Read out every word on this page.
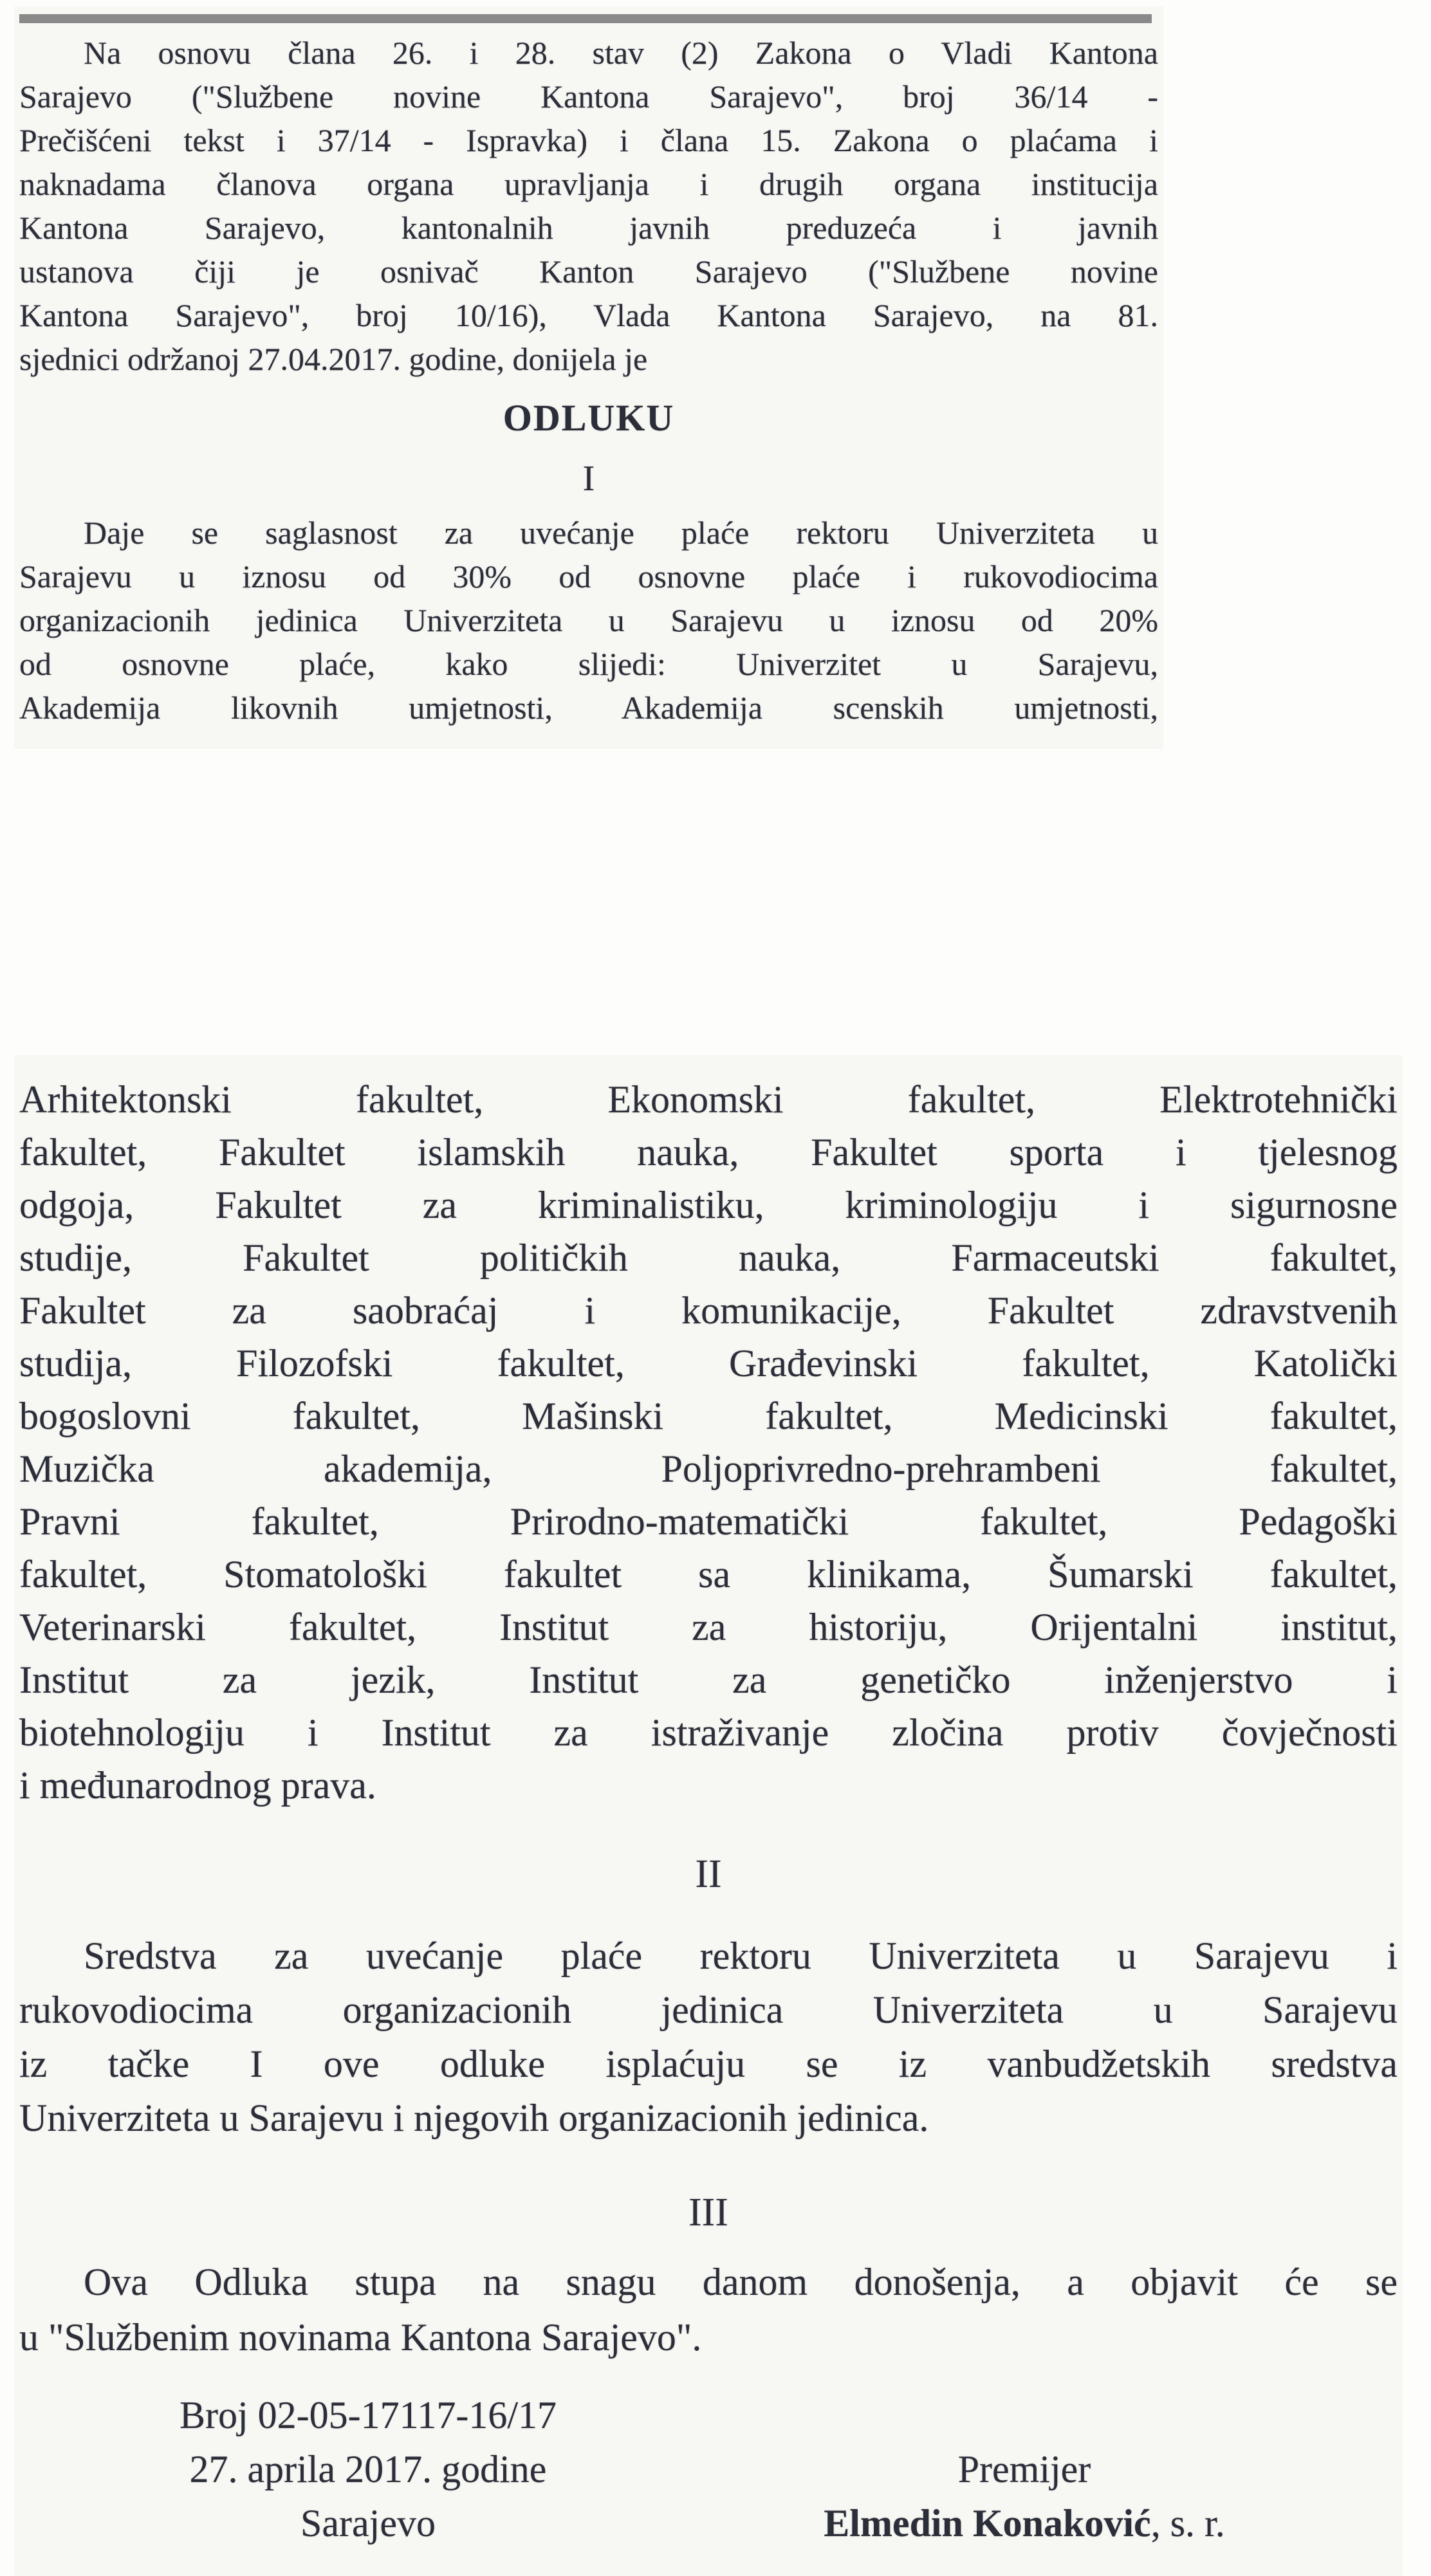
Na osnovu člana 26. i 28. stav (2) Zakona o Vladi Kantona
Sarajevo ("Službene novine Kantona Sarajevo", broj 36/14 -
Prečišćeni tekst i 37/14 - Ispravka) i člana 15. Zakona o plaćama i
naknadama članova organa upravljanja i drugih organa institucija
Kantona Sarajevo, kantonalnih javnih preduzeća i javnih
ustanova čiji je osnivač Kanton Sarajevo ("Službene novine
Kantona Sarajevo", broj 10/16), Vlada Kantona Sarajevo, na 81.
sjednici održanoj 27.04.2017. godine, donijela je
ODLUKU
I
Daje se saglasnost za uvećanje plaće rektoru Univerziteta u
Sarajevu u iznosu od 30% od osnovne plaće i rukovodiocima
organizacionih jedinica Univerziteta u Sarajevu u iznosu od 20%
od osnovne plaće, kako slijedi: Univerzitet u Sarajevu,
Akademija likovnih umjetnosti, Akademija scenskih umjetnosti,
Arhitektonski fakultet, Ekonomski fakultet, Elektrotehnički
fakultet, Fakultet islamskih nauka, Fakultet sporta i tjelesnog
odgoja, Fakultet za kriminalistiku, kriminologiju i sigurnosne
studije, Fakultet političkih nauka, Farmaceutski fakultet,
Fakultet za saobraćaj i komunikacije, Fakultet zdravstvenih
studija, Filozofski fakultet, Građevinski fakultet, Katolički
bogoslovni fakultet, Mašinski fakultet, Medicinski fakultet,
Muzička akademija, Poljoprivredno-prehrambeni fakultet,
Pravni fakultet, Prirodno-matematički fakultet, Pedagoški
fakultet, Stomatološki fakultet sa klinikama, Šumarski fakultet,
Veterinarski fakultet, Institut za historiju, Orijentalni institut,
Institut za jezik, Institut za genetičko inženjerstvo i
biotehnologiju i Institut za istraživanje zločina protiv čovječnosti
i međunarodnog prava.
II
Sredstva za uvećanje plaće rektoru Univerziteta u Sarajevu i
rukovodiocima organizacionih jedinica Univerziteta u Sarajevu
iz tačke I ove odluke isplaćuju se iz vanbudžetskih sredstva
Univerziteta u Sarajevu i njegovih organizacionih jedinica.
III
Ova Odluka stupa na snagu danom donošenja, a objavit će se
u "Službenim novinama Kantona Sarajevo".
Broj 02-05-17117-16/17
27. aprila 2017. godine
Sarajevo
Premijer
Elmedin Konaković, s. r.
